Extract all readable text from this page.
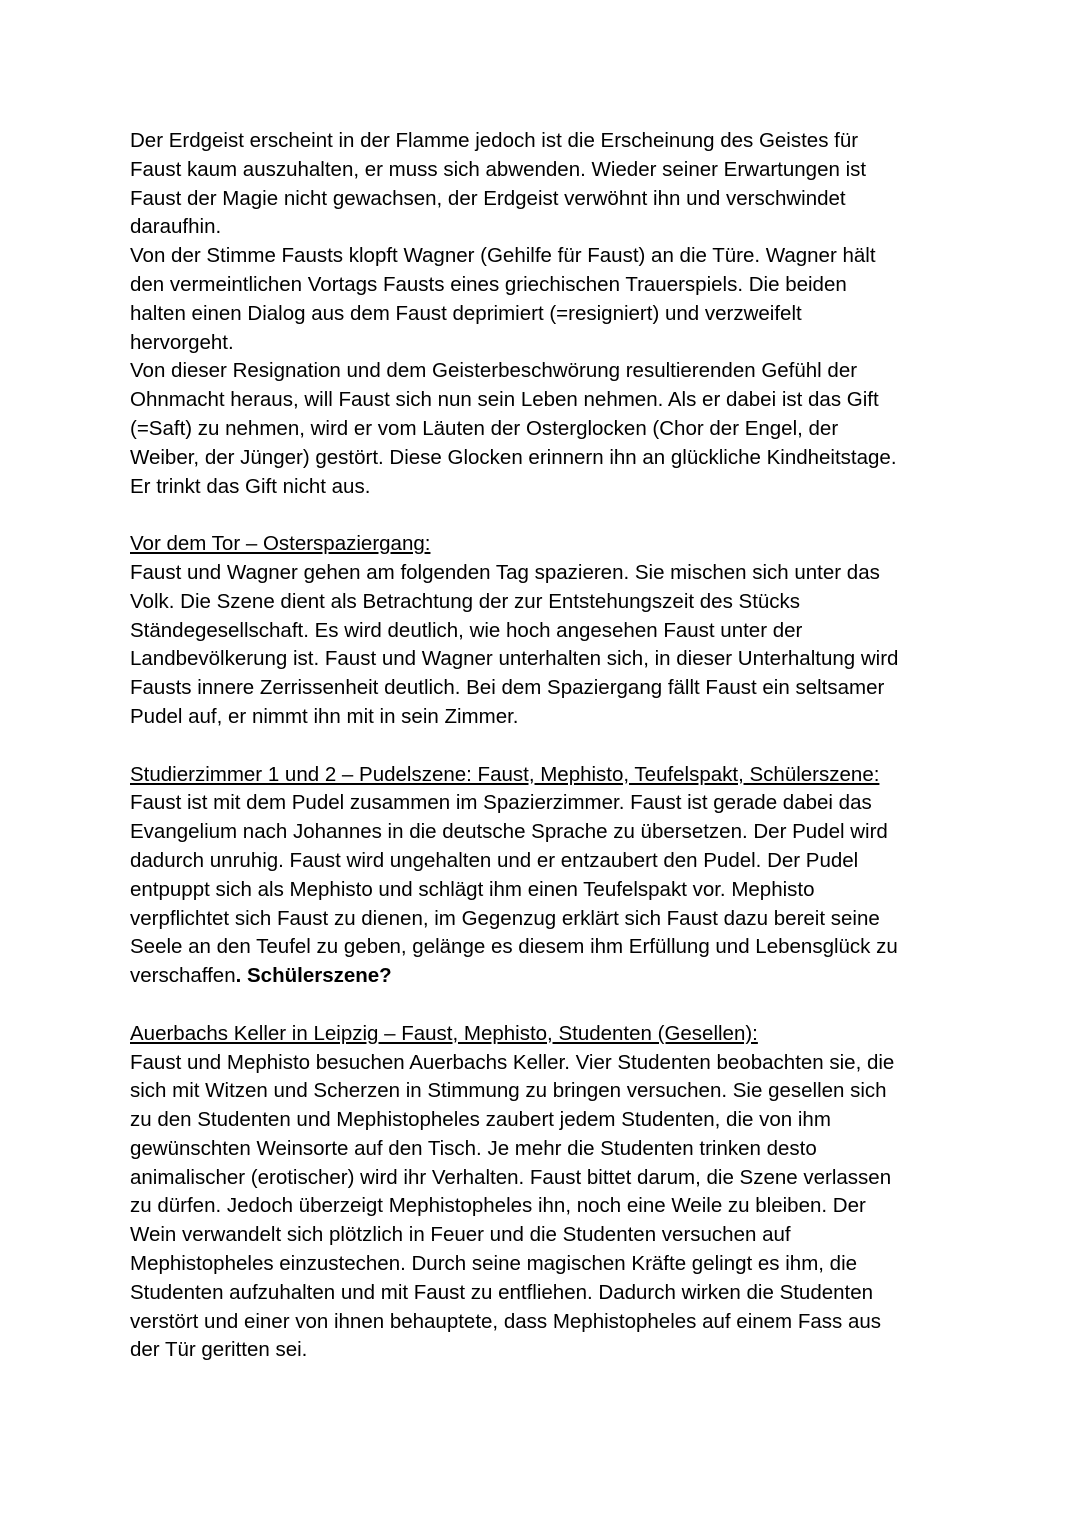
Der Erdgeist erscheint in der Flamme jedoch ist die Erscheinung des Geistes für
Faust kaum auszuhalten, er muss sich abwenden. Wieder seiner Erwartungen ist
Faust der Magie nicht gewachsen, der Erdgeist verwöhnt ihn und verschwindet
daraufhin.
Von der Stimme Fausts klopft Wagner (Gehilfe für Faust) an die Türe. Wagner hält
den vermeintlichen Vortags Fausts eines griechischen Trauerspiels. Die beiden
halten einen Dialog aus dem Faust deprimiert (=resigniert) und verzweifelt
hervorgeht.
Von dieser Resignation und dem Geisterbeschwörung resultierenden Gefühl der
Ohnmacht heraus, will Faust sich nun sein Leben nehmen. Als er dabei ist das Gift
(=Saft) zu nehmen, wird er vom Läuten der Osterglocken (Chor der Engel, der
Weiber, der Jünger) gestört. Diese Glocken erinnern ihn an glückliche Kindheitstage.
Er trinkt das Gift nicht aus.
Vor dem Tor – Osterspaziergang:
Faust und Wagner gehen am folgenden Tag spazieren. Sie mischen sich unter das
Volk. Die Szene dient als Betrachtung der zur Entstehungszeit des Stücks
Ständegesellschaft. Es wird deutlich, wie hoch angesehen Faust unter der
Landbevölkerung ist. Faust und Wagner unterhalten sich, in dieser Unterhaltung wird
Fausts innere Zerrissenheit deutlich. Bei dem Spaziergang fällt Faust ein seltsamer
Pudel auf, er nimmt ihn mit in sein Zimmer.
Studierzimmer 1 und 2 – Pudelszene: Faust, Mephisto, Teufelspakt, Schülerszene:
Faust ist mit dem Pudel zusammen im Spazierzimmer. Faust ist gerade dabei das
Evangelium nach Johannes in die deutsche Sprache zu übersetzen. Der Pudel wird
dadurch unruhig. Faust wird ungehalten und er entzaubert den Pudel. Der Pudel
entpuppt sich als Mephisto und schlägt ihm einen Teufelspakt vor. Mephisto
verpflichtet sich Faust zu dienen, im Gegenzug erklärt sich Faust dazu bereit seine
Seele an den Teufel zu geben, gelänge es diesem ihm Erfüllung und Lebensglück zu
verschaffen. Schülerszene?
Auerbachs Keller in Leipzig – Faust, Mephisto, Studenten (Gesellen):
Faust und Mephisto besuchen Auerbachs Keller. Vier Studenten beobachten sie, die
sich mit Witzen und Scherzen in Stimmung zu bringen versuchen. Sie gesellen sich
zu den Studenten und Mephistopheles zaubert jedem Studenten, die von ihm
gewünschten Weinsorte auf den Tisch. Je mehr die Studenten trinken desto
animalischer (erotischer) wird ihr Verhalten. Faust bittet darum, die Szene verlassen
zu dürfen. Jedoch überzeigt Mephistopheles ihn, noch eine Weile zu bleiben. Der
Wein verwandelt sich plötzlich in Feuer und die Studenten versuchen auf
Mephistopheles einzustechen. Durch seine magischen Kräfte gelingt es ihm, die
Studenten aufzuhalten und mit Faust zu entfliehen. Dadurch wirken die Studenten
verstört und einer von ihnen behauptete, dass Mephistopheles auf einem Fass aus
der Tür geritten sei.
